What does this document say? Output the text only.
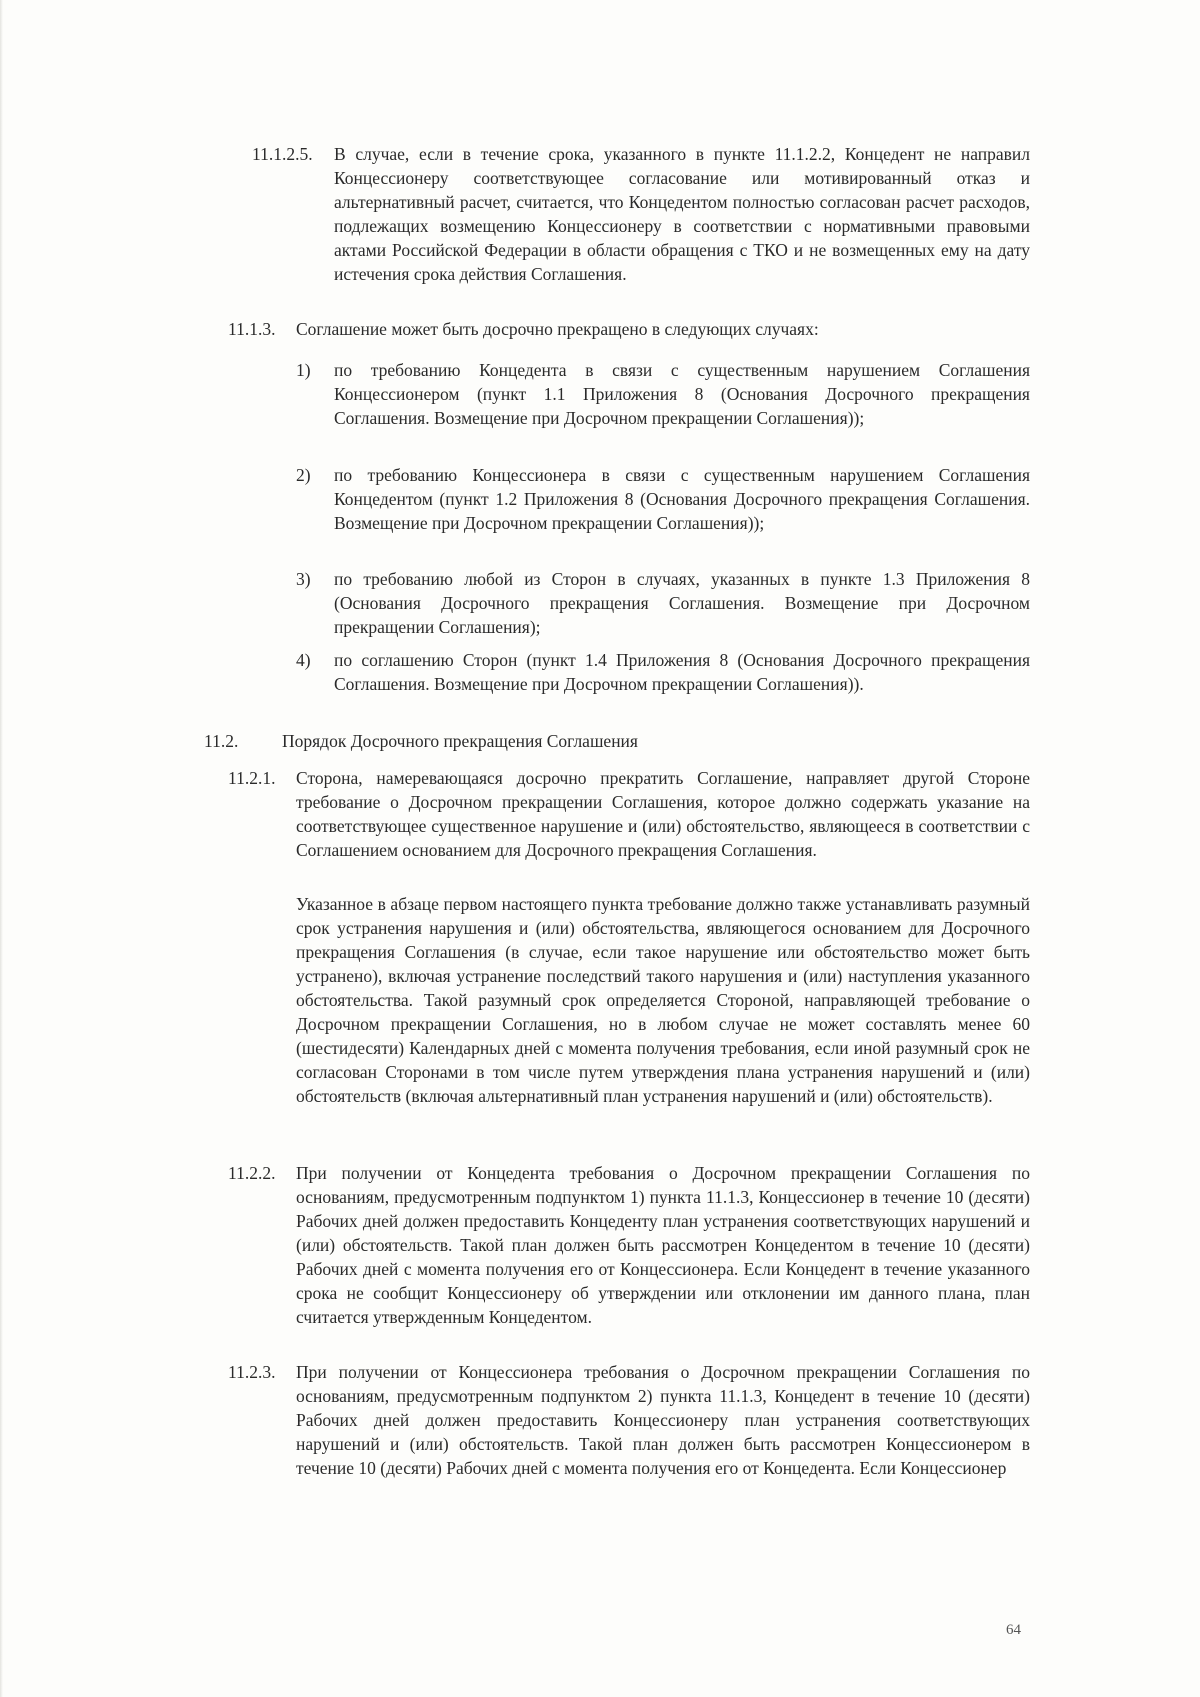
11.1.2.5. В случае, если в течение срока, указанного в пункте 11.1.2.2, Концедент не направил Концессионеру соответствующее согласование или мотивированный отказ и альтернативный расчет, считается, что Концедентом полностью согласован расчет расходов, подлежащих возмещению Концессионеру в соответствии с нормативными правовыми актами Российской Федерации в области обращения с ТКО и не возмещенных ему на дату истечения срока действия Соглашения.
11.1.3. Соглашение может быть досрочно прекращено в следующих случаях:
1) по требованию Концедента в связи с существенным нарушением Соглашения Концессионером (пункт 1.1 Приложения 8 (Основания Досрочного прекращения Соглашения. Возмещение при Досрочном прекращении Соглашения));
2) по требованию Концессионера в связи с существенным нарушением Соглашения Концедентом (пункт 1.2 Приложения 8 (Основания Досрочного прекращения Соглашения. Возмещение при Досрочном прекращении Соглашения));
3) по требованию любой из Сторон в случаях, указанных в пункте 1.3 Приложения 8 (Основания Досрочного прекращения Соглашения. Возмещение при Досрочном прекращении Соглашения);
4) по соглашению Сторон (пункт 1.4 Приложения 8 (Основания Досрочного прекращения Соглашения. Возмещение при Досрочном прекращении Соглашения)).
11.2. Порядок Досрочного прекращения Соглашения
11.2.1. Сторона, намеревающаяся досрочно прекратить Соглашение, направляет другой Стороне требование о Досрочном прекращении Соглашения, которое должно содержать указание на соответствующее существенное нарушение и (или) обстоятельство, являющееся в соответствии с Соглашением основанием для Досрочного прекращения Соглашения.
Указанное в абзаце первом настоящего пункта требование должно также устанавливать разумный срок устранения нарушения и (или) обстоятельства, являющегося основанием для Досрочного прекращения Соглашения (в случае, если такое нарушение или обстоятельство может быть устранено), включая устранение последствий такого нарушения и (или) наступления указанного обстоятельства. Такой разумный срок определяется Стороной, направляющей требование о Досрочном прекращении Соглашения, но в любом случае не может составлять менее 60 (шестидесяти) Календарных дней с момента получения требования, если иной разумный срок не согласован Сторонами в том числе путем утверждения плана устранения нарушений и (или) обстоятельств (включая альтернативный план устранения нарушений и (или) обстоятельств).
11.2.2. При получении от Концедента требования о Досрочном прекращении Соглашения по основаниям, предусмотренным подпунктом 1) пункта 11.1.3, Концессионер в течение 10 (десяти) Рабочих дней должен предоставить Концеденту план устранения соответствующих нарушений и (или) обстоятельств. Такой план должен быть рассмотрен Концедентом в течение 10 (десяти) Рабочих дней с момента получения его от Концессионера. Если Концедент в течение указанного срока не сообщит Концессионеру об утверждении или отклонении им данного плана, план считается утвержденным Концедентом.
11.2.3. При получении от Концессионера требования о Досрочном прекращении Соглашения по основаниям, предусмотренным подпунктом 2) пункта 11.1.3, Концедент в течение 10 (десяти) Рабочих дней должен предоставить Концессионеру план устранения соответствующих нарушений и (или) обстоятельств. Такой план должен быть рассмотрен Концессионером в течение 10 (десяти) Рабочих дней с момента получения его от Концедента. Если Концессионер
64
